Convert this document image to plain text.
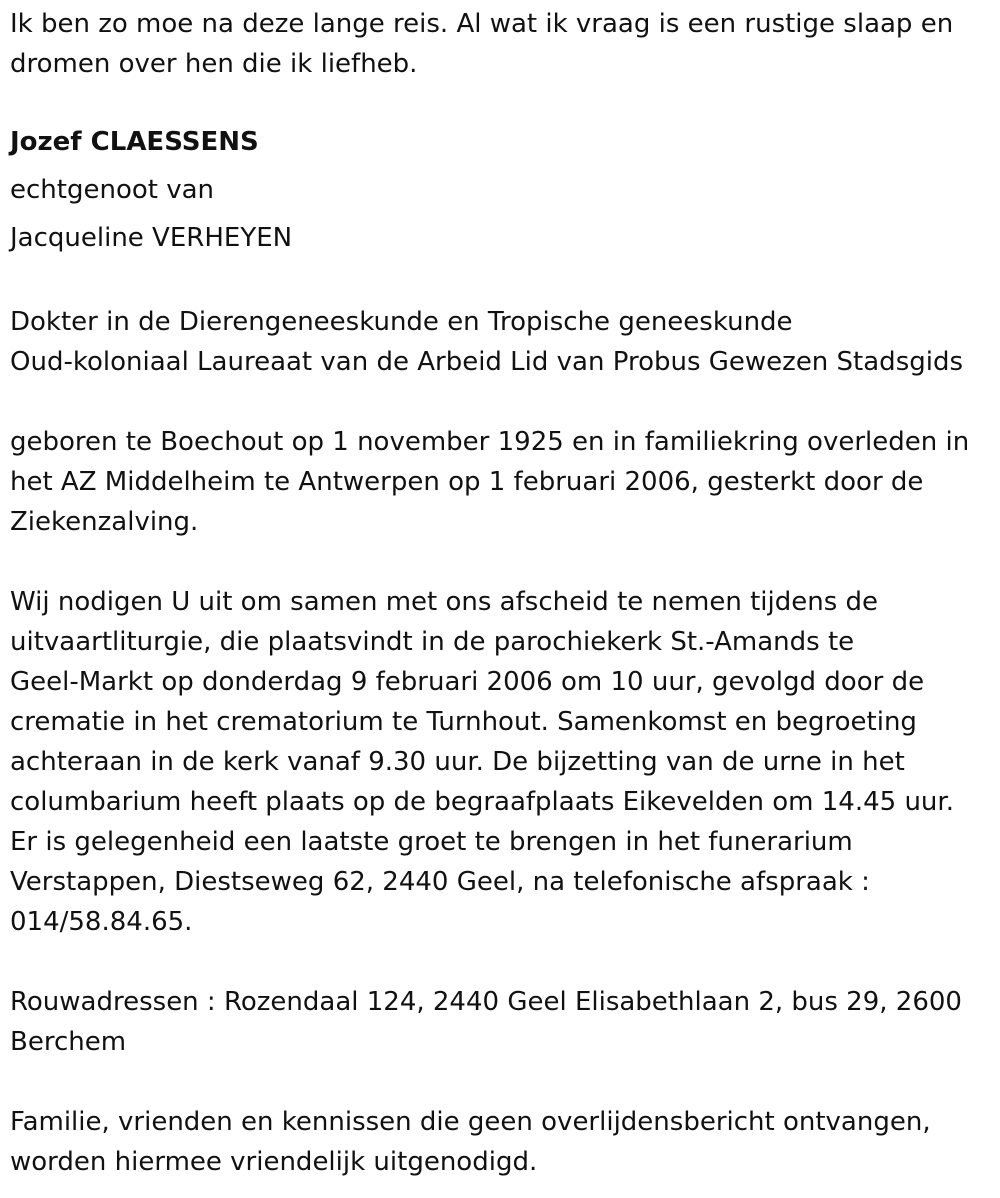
Ik ben zo moe na deze lange reis. Al wat ik vraag is een rustige slaap en

dromen over hen die ik liefheb.

Jozef CLAESSENS

echtgenoot van

Jacqueline VERHEYEN

Dokter in de Dierengeneeskunde en Tropische geneeskunde

Oud-koloniaal Laureaat van de Arbeid Lid van Probus Gewezen Stadsgids

geboren te Boechout op 1 november 1925 en in familiekring overleden in

het AZ Middelheim te Antwerpen op 1 februari 2006, gesterkt door de

Ziekenzalving.

Wij nodigen U uit om samen met ons afscheid te nemen tijdens de

uitvaartliturgie, die plaatsvindt in de parochiekerk St.-Amands te

Geel-Markt op donderdag 9 februari 2006 om 10 uur, gevolgd door de

crematie in het crematorium te Turnhout. Samenkomst en begroeting

achteraan in de kerk vanaf 9.30 uur. De bijzetting van de urne in het

columbarium heeft plaats op de begraafplaats Eikevelden om 14.45 uur.

Er is gelegenheid een laatste groet te brengen in het funerarium

Verstappen, Diestseweg 62, 2440 Geel, na telefonische afspraak :

014/58.84.65.

Rouwadressen : Rozendaal 124, 2440 Geel Elisabethlaan 2, bus 29, 2600

Berchem

Familie, vrienden en kennissen die geen overlijdensbericht ontvangen,

worden hiermee vriendelijk uitgenodigd.
